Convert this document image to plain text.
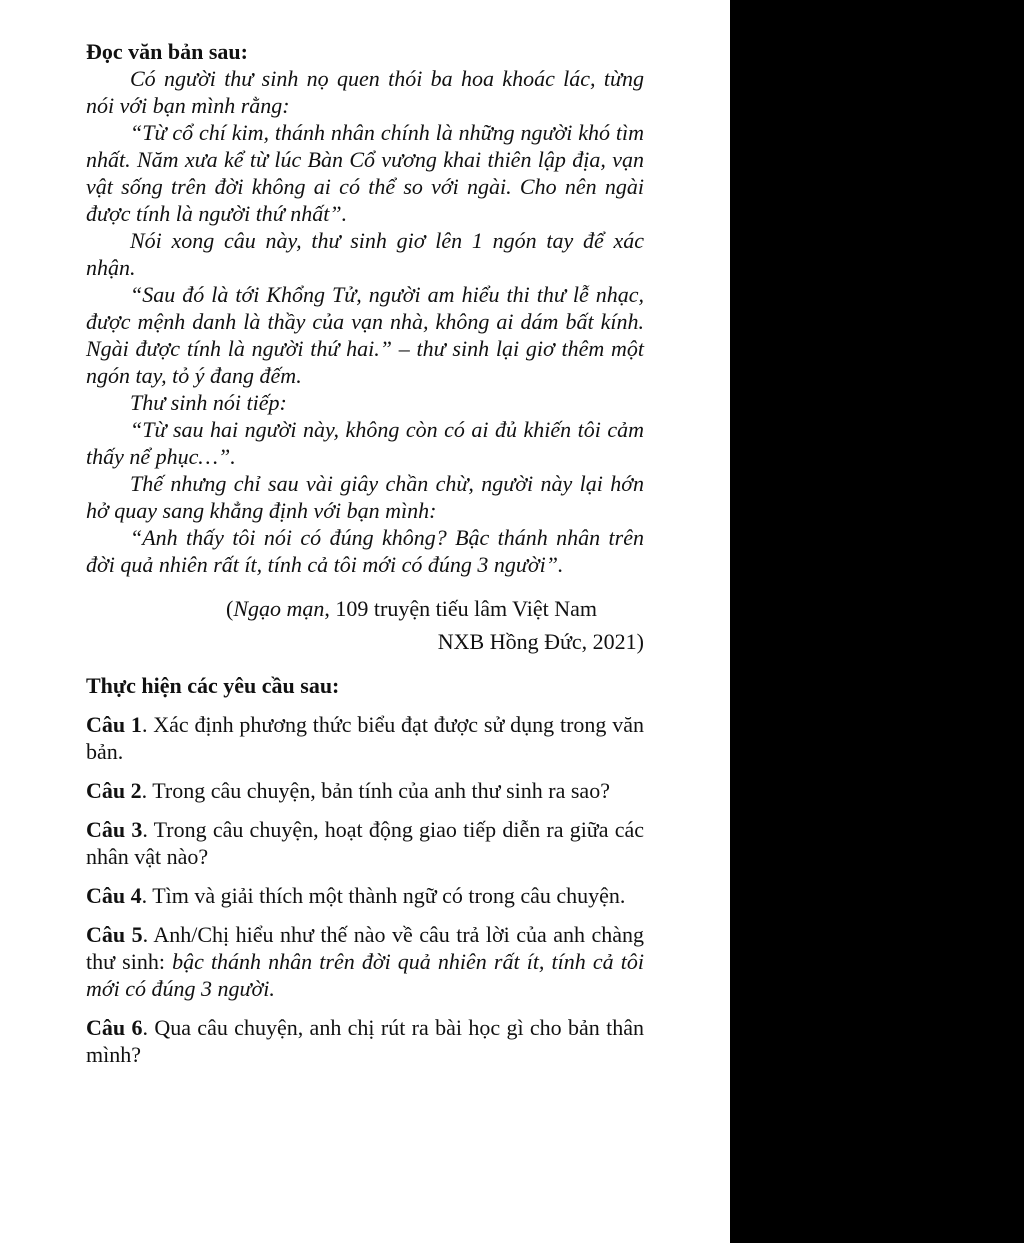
Đọc văn bản sau:

Có người thư sinh nọ quen thói ba hoa khoác lác, từng nói với bạn mình rằng:

“Từ cổ chí kim, thánh nhân chính là những người khó tìm nhất. Năm xưa kể từ lúc Bàn Cổ vương khai thiên lập địa, vạn vật sống trên đời không ai có thể so với ngài. Cho nên ngài được tính là người thứ nhất”.

Nói xong câu này, thư sinh giơ lên 1 ngón tay để xác nhận.

“Sau đó là tới Khổng Tử, người am hiểu thi thư lễ nhạc, được mệnh danh là thầy của vạn nhà, không ai dám bất kính. Ngài được tính là người thứ hai.” – thư sinh lại giơ thêm một ngón tay, tỏ ý đang đếm.

Thư sinh nói tiếp:

“Từ sau hai người này, không còn có ai đủ khiến tôi cảm thấy nể phục…”.

Thế nhưng chỉ sau vài giây chần chừ, người này lại hớn hở quay sang khẳng định với bạn mình:

“Anh thấy tôi nói có đúng không? Bậc thánh nhân trên đời quả nhiên rất ít, tính cả tôi mới có đúng 3 người”.

(Ngạo mạn, 109 truyện tiếu lâm Việt Nam
NXB Hồng Đức, 2021)

Thực hiện các yêu cầu sau:

Câu 1. Xác định phương thức biểu đạt được sử dụng trong văn bản.

Câu 2. Trong câu chuyện, bản tính của anh thư sinh ra sao?

Câu 3. Trong câu chuyện, hoạt động giao tiếp diễn ra giữa các nhân vật nào?

Câu 4. Tìm và giải thích một thành ngữ có trong câu chuyện.

Câu 5. Anh/Chị hiểu như thế nào về câu trả lời của anh chàng thư sinh: bậc thánh nhân trên đời quả nhiên rất ít, tính cả tôi mới có đúng 3 người.

Câu 6. Qua câu chuyện, anh chị rút ra bài học gì cho bản thân mình?
